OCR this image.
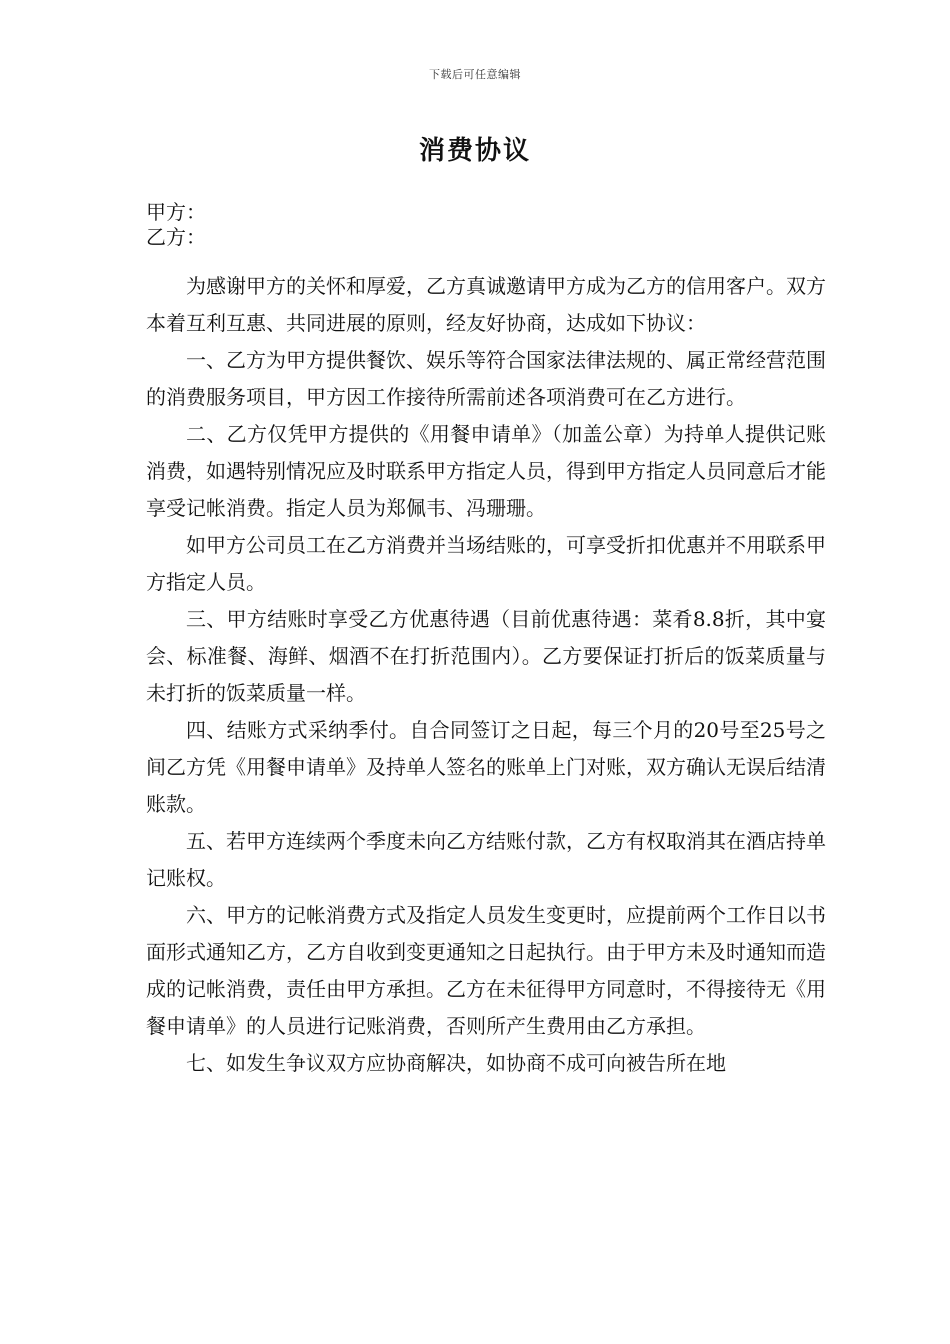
下载后可任意编辑
消费协议
甲方：
乙方：

为感谢甲方的关怀和厚爱，乙方真诚邀请甲方成为乙方的信用客户。双方本着互利互惠、共同进展的原则，经友好协商，达成如下协议：

一、乙方为甲方提供餐饮、娱乐等符合国家法律法规的、属正常经营范围的消费服务项目，甲方因工作接待所需前述各项消费可在乙方进行。

二、乙方仅凭甲方提供的《用餐申请单》（加盖公章）为持单人提供记账消费，如遇特别情况应及时联系甲方指定人员，得到甲方指定人员同意后才能享受记帐消费。指定人员为郑佩韦、冯珊珊。

如甲方公司员工在乙方消费并当场结账的，可享受折扣优惠并不用联系甲方指定人员。

三、甲方结账时享受乙方优惠待遇（目前优惠待遇：菜肴8.8折，其中宴会、标准餐、海鲜、烟酒不在打折范围内）。乙方要保证打折后的饭菜质量与未打折的饭菜质量一样。

四、结账方式采纳季付。自合同签订之日起，每三个月的20号至25号之间乙方凭《用餐申请单》及持单人签名的账单上门对账，双方确认无误后结清账款。

五、若甲方连续两个季度未向乙方结账付款，乙方有权取消其在酒店持单记账权。

六、甲方的记帐消费方式及指定人员发生变更时，应提前两个工作日以书面形式通知乙方，乙方自收到变更通知之日起执行。由于甲方未及时通知而造成的记帐消费，责任由甲方承担。乙方在未征得甲方同意时，不得接待无《用餐申请单》的人员进行记账消费，否则所产生费用由乙方承担。

七、如发生争议双方应协商解决，如协商不成可向被告所在地
